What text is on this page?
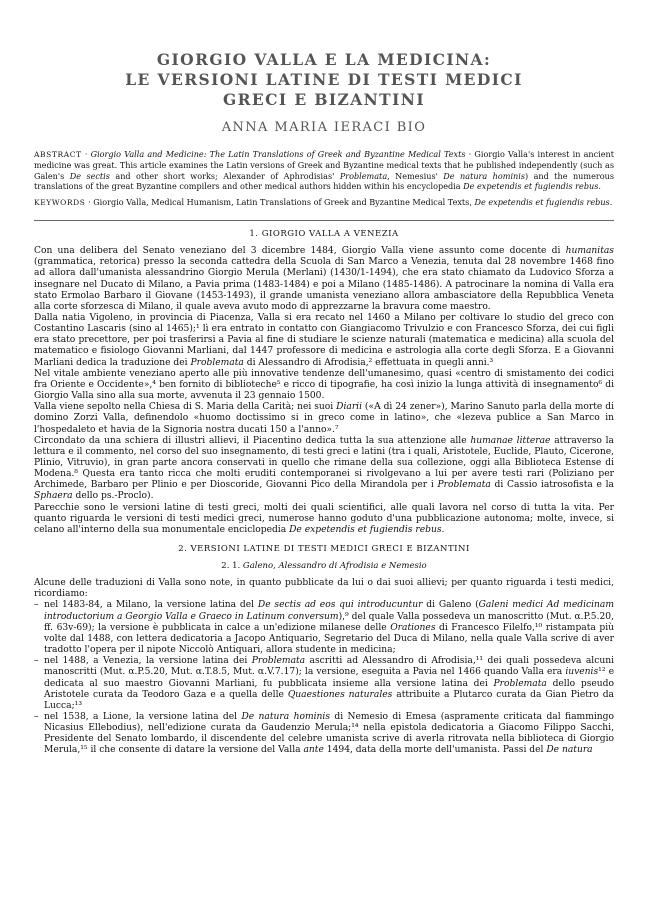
GIORGIO VALLA E LA MEDICINA:
LE VERSIONI LATINE DI TESTI MEDICI
GRECI E BIZANTINI
ANNA MARIA IERACI BIO

ABSTRACT · Giorgio Valla and Medicine: The Latin Translations of Greek and Byzantine Medical Texts · Giorgio Valla's interest in ancient medicine was great. This article examines the Latin versions of Greek and Byzantine medical texts that he published independently (such as Galen's De sectis and other short works; Alexander of Aphrodisias' Problemata, Nemesius' De natura hominis) and the numerous translations of the great Byzantine compilers and other medical authors hidden within his encyclopedia De expetendis et fugiendis rebus.

KEYWORDS · Giorgio Valla, Medical Humanism, Latin Translations of Greek and Byzantine Medical Texts, De expetendis et fugiendis rebus.

1. GIORGIO VALLA A VENEZIA

Con una delibera del Senato veneziano del 3 dicembre 1484, Giorgio Valla viene assunto come docente di humanitas (grammatica, retorica) presso la seconda cattedra della Scuola di San Marco a Venezia, tenuta dal 28 novembre 1468 fino ad allora dall'umanista alessandrino Giorgio Merula (Merlani) (1430/1-1494), che era stato chiamato da Ludovico Sforza a insegnare nel Ducato di Milano, a Pavia prima (1483-1484) e poi a Milano (1485-1486). A patrocinare la nomina di Valla era stato Ermolao Barbaro il Giovane (1453-1493), il grande umanista veneziano allora ambasciatore della Repubblica Veneta alla corte sforzesca di Milano, il quale aveva avuto modo di apprezzarne la bravura come maestro.

Dalla natia Vigoleno, in provincia di Piacenza, Valla si era recato nel 1460 a Milano per coltivare lo studio del greco con Costantino Lascaris (sino al 1465);¹ lì era entrato in contatto con Giangiacomo Trivulzio e con Francesco Sforza, dei cui figli era stato precettore, per poi trasferirsi a Pavia al fine di studiare le scienze naturali (matematica e medicina) alla scuola del matematico e fisiologo Giovanni Marliani, dal 1447 professore di medicina e astrologia alla corte degli Sforza. E a Giovanni Marliani dedica la traduzione dei Problemata di Alessandro di Afrodisia,² effettuata in quegli anni.³

Nel vitale ambiente veneziano aperto alle più innovative tendenze dell'umanesimo, quasi «centro di smistamento dei codici fra Oriente e Occidente»,⁴ ben fornito di biblioteche⁵ e ricco di tipografie, ha così inizio la lunga attività di insegnamento⁶ di Giorgio Valla sino alla sua morte, avvenuta il 23 gennaio 1500.

Valla viene sepolto nella Chiesa di S. Maria della Carità; nei suoi Diarii («A dì 24 zener»), Marino Sanuto parla della morte di domino Zorzi Valla, definendolo «huomo doctissimo si in greco come in latino», che «lezeva publice a San Marco in l'hospedaleto et havia de la Signoria nostra ducati 150 a l'anno».⁷

Circondato da una schiera di illustri allievi, il Piacentino dedica tutta la sua attenzione alle humanae litterae attraverso la lettura e il commento, nel corso del suo insegnamento, di testi greci e latini (tra i quali, Aristotele, Euclide, Plauto, Cicerone, Plinio, Vitruvio), in gran parte ancora conservati in quello che rimane della sua collezione, oggi alla Biblioteca Estense di Modena.⁸ Questa era tanto ricca che molti eruditi contemporanei si rivolgevano a lui per avere testi rari (Poliziano per Archimede, Barbaro per Plinio e per Dioscoride, Giovanni Pico della Mirandola per i Problemata di Cassio iatrosofista e la Sphaera dello ps.-Proclo).

Parecchie sono le versioni latine di testi greci, molti dei quali scientifici, alle quali lavora nel corso di tutta la vita. Per quanto riguarda le versioni di testi medici greci, numerose hanno goduto d'una pubblicazione autonoma; molte, invece, si celano all'interno della sua monumentale enciclopedia De expetendis et fugiendis rebus.

2. VERSIONI LATINE DI TESTI MEDICI GRECI E BIZANTINI
2. 1. Galeno, Alessandro di Afrodisia e Nemesio

Alcune delle traduzioni di Valla sono note, in quanto pubblicate da lui o dai suoi allievi; per quanto riguarda i testi medici, ricordiamo:

– nel 1483-84, a Milano, la versione latina del De sectis ad eos qui introducuntur di Galeno (Galeni medici Ad medicinam introductorium a Georgio Valla e Graeco in Latinum conversum),⁹ del quale Valla possedeva un manoscritto (Mut. α.P.5.20, ff. 63v-69); la versione è pubblicata in calce a un'edizione milanese delle Orationes di Francesco Filelfo,¹⁰ ristampata più volte dal 1488, con lettera dedicatoria a Jacopo Antiquario, Segretario del Duca di Milano, nella quale Valla scrive di aver tradotto l'opera per il nipote Niccolò Antiquari, allora studente in medicina;
– nel 1488, a Venezia, la versione latina dei Problemata ascritti ad Alessandro di Afrodisia,¹¹ dei quali possedeva alcuni manoscritti (Mut. α.P.5.20, Mut. α.T.8.5, Mut. α.V.7.17); la versione, eseguita a Pavia nel 1466 quando Valla era iuvenis¹² e dedicata al suo maestro Giovanni Marliani, fu pubblicata insieme alla versione latina dei Problemata dello pseudo Aristotele curata da Teodoro Gaza e a quella delle Quaestiones naturales attribuite a Plutarco curata da Gian Pietro da Lucca;¹³
– nel 1538, a Lione, la versione latina del De natura hominis di Nemesio di Emesa (aspramente criticata dal fiammingo Nicasius Ellebodius), nell'edizione curata da Gaudenzio Merula;¹⁴ nella epistola dedicatoria a Giacomo Filippo Sacchi, Presidente del Senato lombardo, il discendente del celebre umanista scrive di averla ritrovata nella biblioteca di Giorgio Merula,¹⁵ il che consente di datare la versione del Valla ante 1494, data della morte dell'umanista. Passi del De natura
